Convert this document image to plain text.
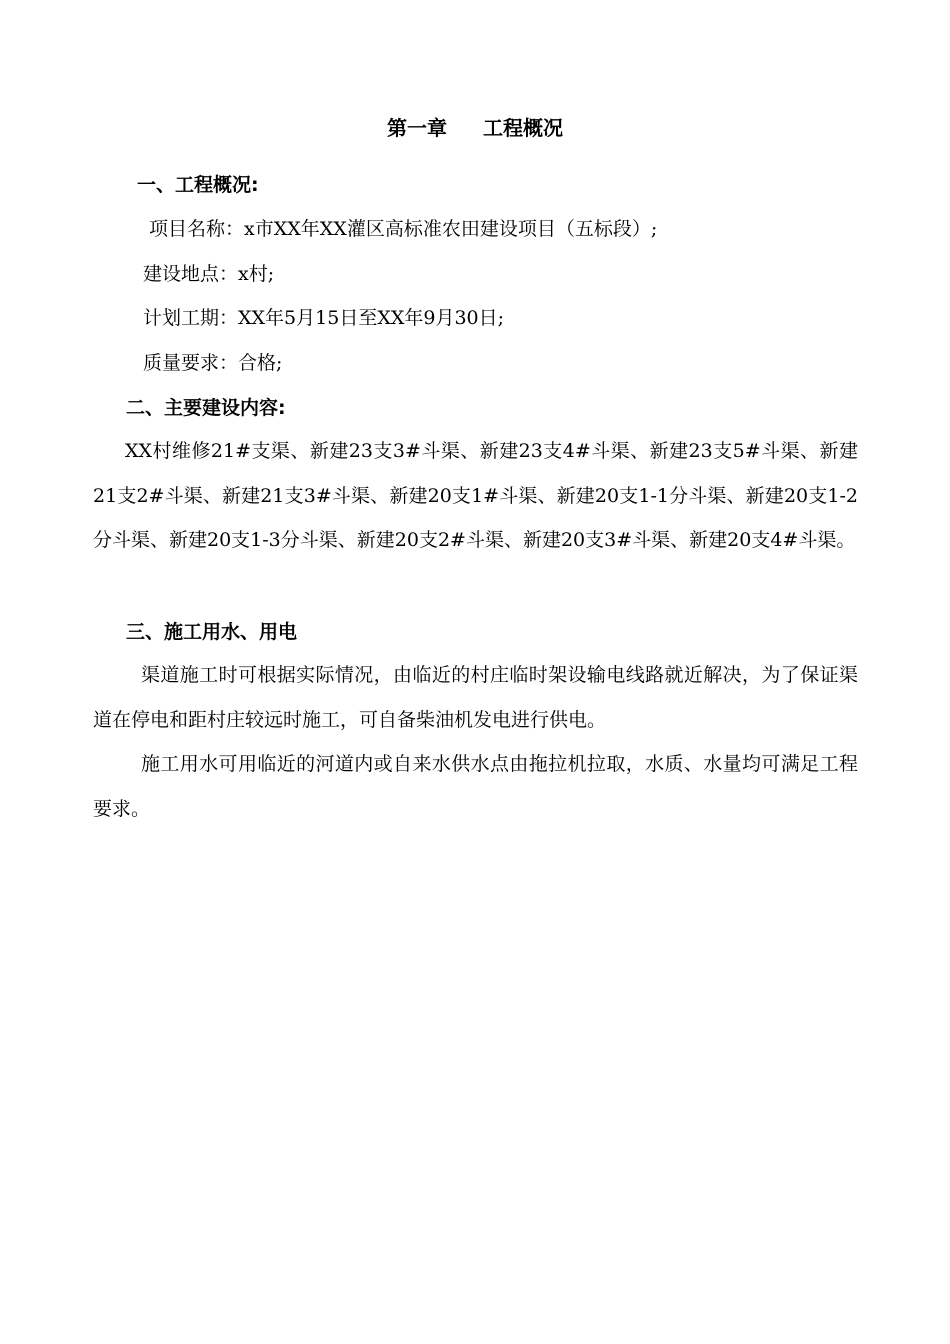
第一章 工程概况
一、工程概况:
项目名称：x市XX年XX灌区高标准农田建设项目（五标段）;
建设地点：x村;
计划工期：XX年5月15日至XX年9月30日;
质量要求：合格;
二、主要建设内容:
XX村维修21#支渠、新建23支3#斗渠、新建23支4#斗渠、新建23支5#斗渠、新建21支2#斗渠、新建21支3#斗渠、新建20支1#斗渠、新建20支1-1分斗渠、新建20支1-2分斗渠、新建20支1-3分斗渠、新建20支2#斗渠、新建20支3#斗渠、新建20支4#斗渠。
三、施工用水、用电
渠道施工时可根据实际情况，由临近的村庄临时架设输电线路就近解决，为了保证渠道在停电和距村庄较远时施工，可自备柴油机发电进行供电。
施工用水可用临近的河道内或自来水供水点由拖拉机拉取，水质、水量均可满足工程要求。
